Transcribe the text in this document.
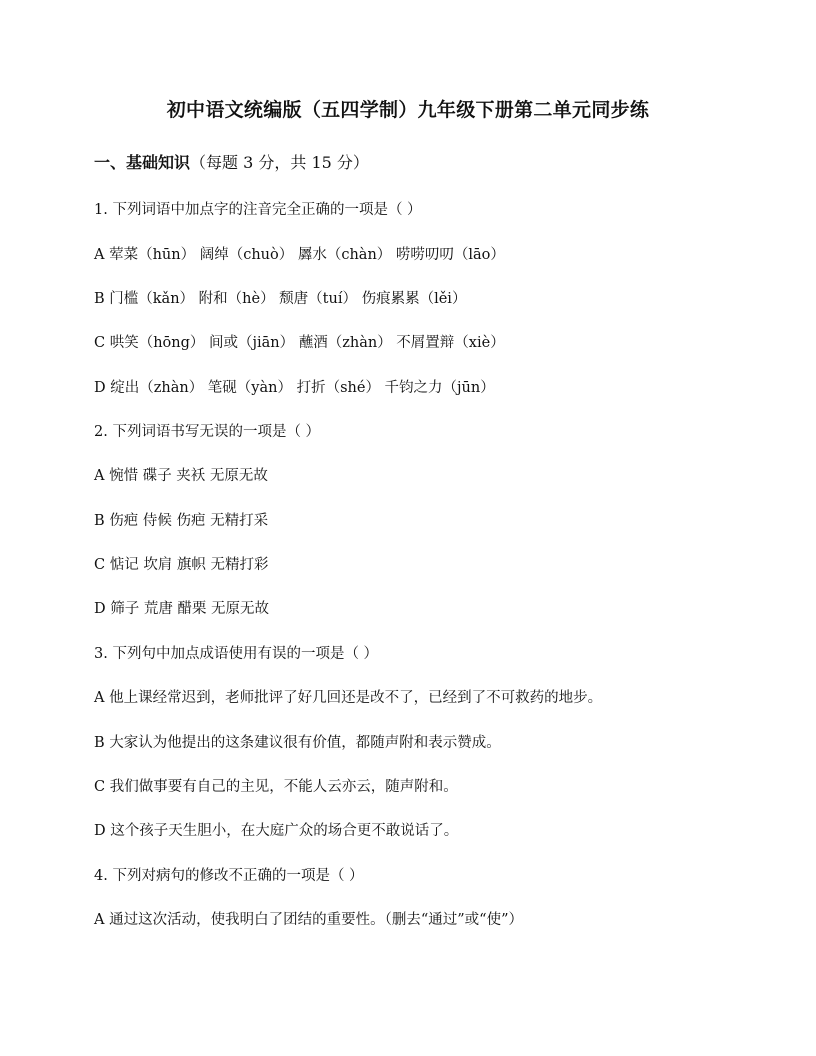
初中语文统编版（五四学制）九年级下册第二单元同步练
一、基础知识（每题 3 分，共 15 分）
1. 下列词语中加点字的注音完全正确的一项是（ ）
A 荤菜（hūn） 阔绰（chuò） 羼水（chàn） 唠唠叨叨（lāo）
B 门槛（kǎn） 附和（hè） 颓唐（tuí） 伤痕累累（lěi）
C 哄笑（hōng） 间或（jiān） 蘸酒（zhàn） 不屑置辩（xiè）
D 绽出（zhàn） 笔砚（yàn） 打折（shé） 千钧之力（jūn）
2. 下列词语书写无误的一项是（ ）
A 惋惜 碟子 夹袄 无原无故
B 伤疤 侍候 伤疤 无精打采
C 惦记 坎肩 旗帜 无精打彩
D 筛子 荒唐 醋栗 无原无故
3. 下列句中加点成语使用有误的一项是（ ）
A 他上课经常迟到，老师批评了好几回还是改不了，已经到了不可救药的地步。
B 大家认为他提出的这条建议很有价值，都随声附和表示赞成。
C 我们做事要有自己的主见，不能人云亦云，随声附和。
D 这个孩子天生胆小，在大庭广众的场合更不敢说话了。
4. 下列对病句的修改不正确的一项是（ ）
A 通过这次活动，使我明白了团结的重要性。（删去“通过”或“使”）
